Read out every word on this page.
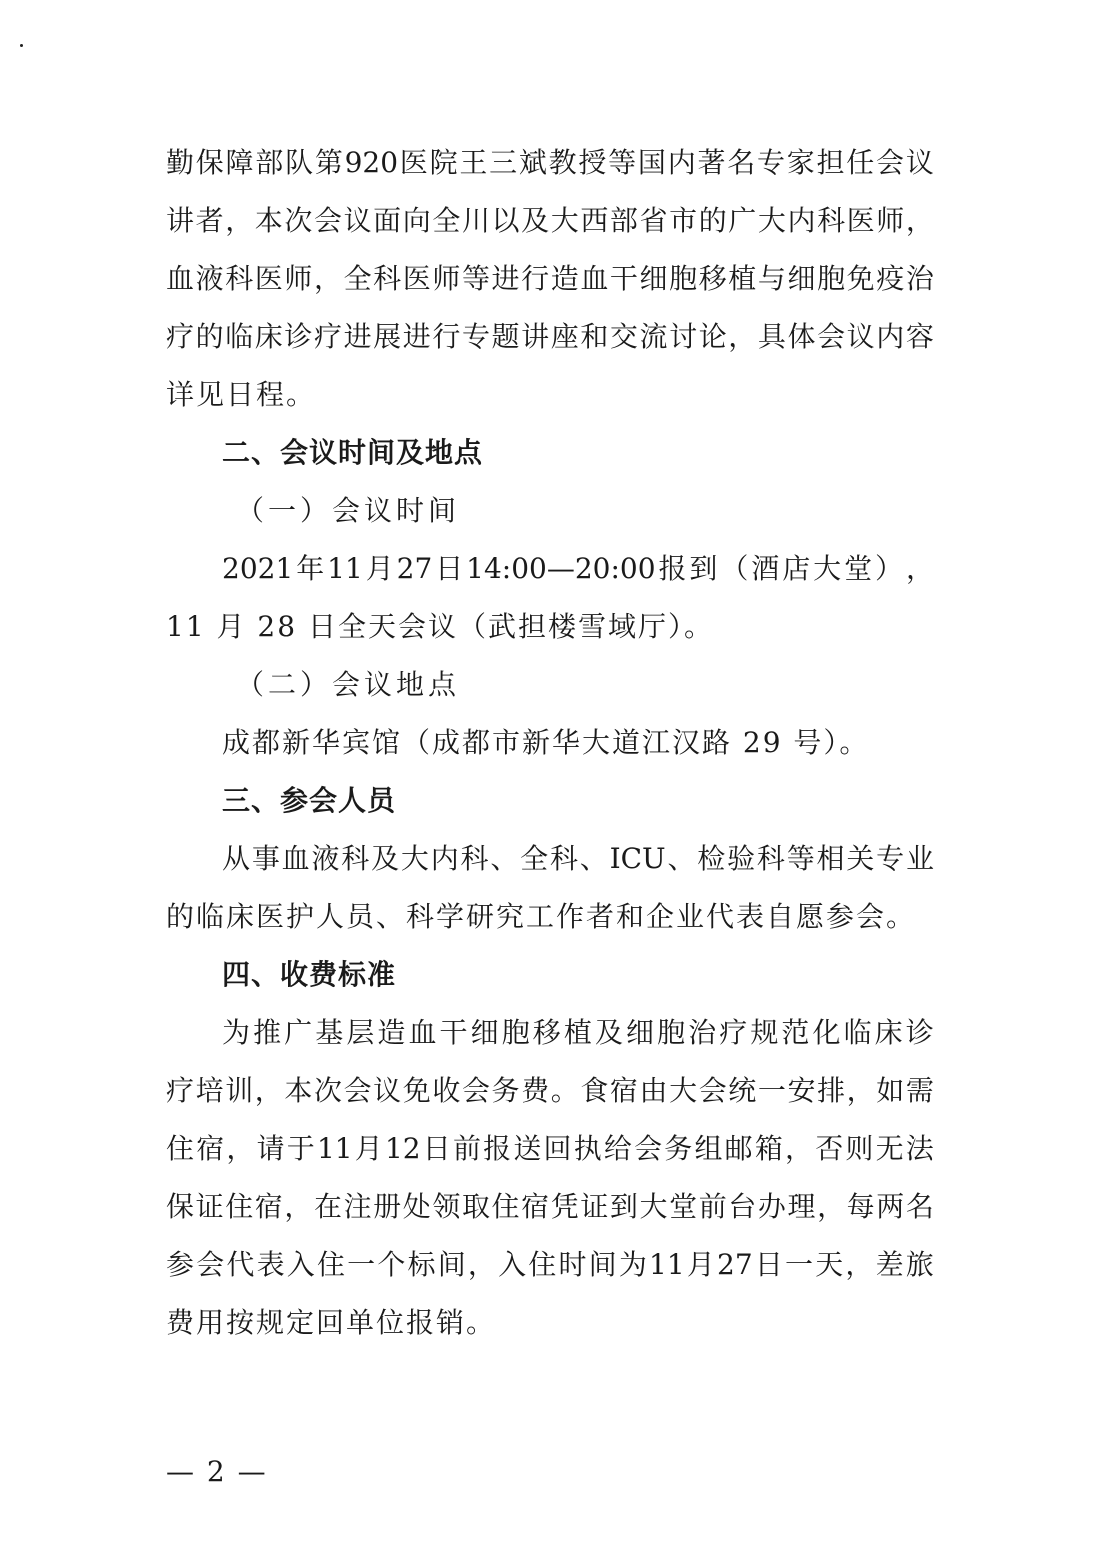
勤 保 障 部 队 第 920 医 院 王 三 斌 教 授 等 国 内 著 名 专 家 担 任 会 议
讲 者 ， 本 次 会 议 面 向 全 川 以 及 大 西 部 省 市 的 广 大 内 科 医 师 ，
血 液 科 医 师 ， 全 科 医 师 等 进 行 造 血 干 细 胞 移 植 与 细 胞 免 疫 治
疗 的 临 床 诊 疗 进 展 进 行 专 题 讲 座 和 交 流 讨 论 ， 具 体 会 议 内 容
详见日程。
二、会议时间及地点
（一）会议时间
2021 年 11 月 27 日 14:00—20:00 报 到 （ 酒 店 大 堂 ） ，
11 月 28 日全天会议（武担楼雪域厅）。
（二）会议地点
成都新华宾馆（成都市新华大道江汉路 29 号）。
三、参会人员
从 事 血 液 科 及 大 内 科 、 全 科 、 ICU 、 检 验 科 等 相 关 专 业
的临床医护人员、科学研究工作者和企业代表自愿参会。
四、收费标准
为 推 广 基 层 造 血 干 细 胞 移 植 及 细 胞 治 疗 规 范 化 临 床 诊
疗 培 训 ， 本 次 会 议 免 收 会 务 费 。 食 宿 由 大 会 统 一 安 排 ， 如 需
住 宿 ， 请 于 11 月 12 日 前 报 送 回 执 给 会 务 组 邮 箱 ， 否 则 无 法
保 证 住 宿 ， 在 注 册 处 领 取 住 宿 凭 证 到 大 堂 前 台 办 理 ， 每 两 名
参 会 代 表 入 住 一 个 标 间 ， 入 住 时 间 为 11 月 27 日 一 天 ， 差 旅
费用按规定回单位报销。
— 2 —
